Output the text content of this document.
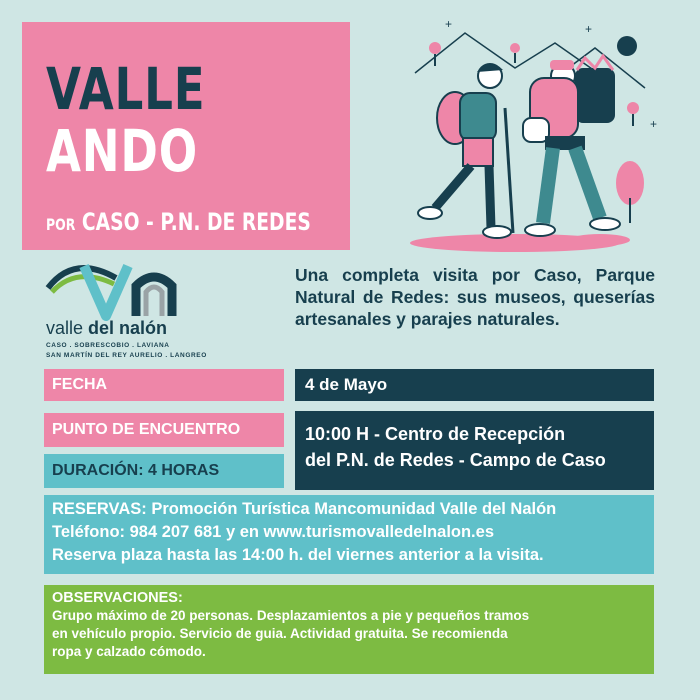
VALLE
ANDO
POR CASO - P.N. DE REDES
+	+
+
valle del nalón
CASO . SOBRESCOBIO . LAVIANA
SAN MARTÍN DEL REY AURELIO . LANGREO
Una completa visita por Caso, Parque Natural de Redes: sus museos, queserías artesanales y parajes naturales.
FECHA	4 de Mayo
PUNTO DE ENCUENTRO	10:00 H - Centro de Recepción
del P.N. de Redes - Campo de Caso
DURACIÓN: 4 HORAS
RESERVAS: Promoción Turística Mancomunidad Valle del Nalón
Teléfono: 984 207 681 y en www.turismovalledelnalon.es
Reserva plaza hasta las 14:00 h. del viernes anterior a la visita.
OBSERVACIONES:
Grupo máximo de 20 personas. Desplazamientos a pie y pequeños tramos
en vehículo propio. Servicio de guia. Actividad gratuita. Se recomienda
ropa y calzado cómodo.
